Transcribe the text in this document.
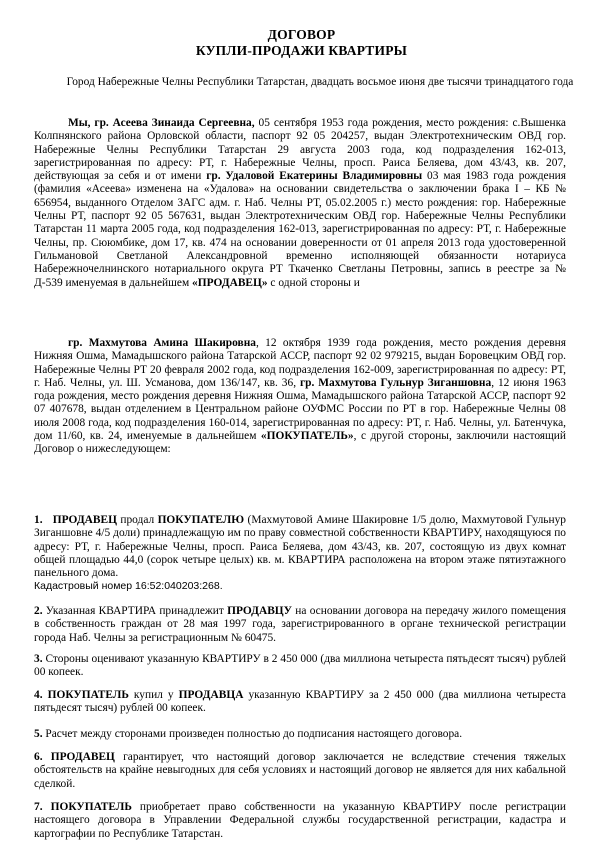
ДОГОВОР
КУПЛИ-ПРОДАЖИ КВАРТИРЫ
Город Набережные Челны Республики Татарстан, двадцать восьмое июня две тысячи тринадцатого года

Мы, гр. Асеева Зинаида Сергеевна, 05 сентября 1953 года рождения, место рождения: с.Вышенка Колпнянского района Орловской области, паспорт 92 05 204257, выдан Электротехническим ОВД гор. Набережные Челны Республики Татарстан 29 августа 2003 года, код подразделения 162-013, зарегистрированная по адресу: РТ, г. Набережные Челны, просп. Раиса Беляева, дом 43/43, кв. 207, действующая за себя и от имени гр. Удаловой Екатерины Владимировны 03 мая 1983 года рождения (фамилия «Асеева» изменена на «Удалова» на основании свидетельства о заключении брака I – КБ № 656954, выданного Отделом ЗАГС адм. г. Наб. Челны РТ, 05.02.2005 г.) место рождения: гор. Набережные Челны РТ, паспорт 92 05 567631, выдан Электротехническим ОВД гор. Набережные Челны Республики Татарстан 11 марта 2005 года, код подразделения 162-013, зарегистрированная по адресу: РТ, г. Набережные Челны, пр. Сююмбике, дом 17, кв. 474 на основании доверенности от 01 апреля 2013 года удостоверенной Гильмановой Светланой Александровной временно исполняющей обязанности нотариуса Набережночелнинского нотариального округа РТ Ткаченко Светланы Петровны, запись в реестре за № Д-539 именуемая в дальнейшем «ПРОДАВЕЦ» с одной стороны и

гр. Махмутова Амина Шакировна, 12 октября 1939 года рождения, место рождения деревня Нижняя Ошма, Мамадышского района Татарской АССР, паспорт 92 02 979215, выдан Боровецким ОВД гор. Набережные Челны РТ 20 февраля 2002 года, код подразделения 162-009, зарегистрированная по адресу: РТ, г. Наб. Челны, ул. Ш. Усманова, дом 136/147, кв. 36, гр. Махмутова Гульнур Зиганшовна, 12 июня 1963 года рождения, место рождения деревня Нижняя Ошма, Мамадышского района Татарской АССР, паспорт 92 07 407678, выдан отделением в Центральном районе ОУФМС России по РТ в гор. Набережные Челны 08 июля 2008 года, код подразделения 160-014, зарегистрированная по адресу: РТ, г. Наб. Челны, ул. Батенчука, дом 11/60, кв. 24, именуемые в дальнейшем «ПОКУПАТЕЛЬ», с другой стороны, заключили настоящий Договор о нижеследующем:

1. ПРОДАВЕЦ продал ПОКУПАТЕЛЮ (Махмутовой Амине Шакировне 1/5 долю, Махмутовой Гульнур Зиганшовне 4/5 доли) принадлежащую им по праву совместной собственности КВАРТИРУ, находящуюся по адресу: РТ, г. Набережные Челны, просп. Раиса Беляева, дом 43/43, кв. 207, состоящую из двух комнат общей площадью 44,0 (сорок четыре целых) кв. м. КВАРТИРА расположена на втором этаже пятиэтажного панельного дома.

Кадастровый номер 16:52:040203:268.

2. Указанная КВАРТИРА принадлежит ПРОДАВЦУ на основании договора на передачу жилого помещения в собственность граждан от 28 мая 1997 года, зарегистрированного в органе технической регистрации города Наб. Челны за регистрационным № 60475.

3. Стороны оценивают указанную КВАРТИРУ в 2 450 000 (два миллиона четыреста пятьдесят тысяч) рублей 00 копеек.

4. ПОКУПАТЕЛЬ купил у ПРОДАВЦА указанную КВАРТИРУ за 2 450 000 (два миллиона четыреста пятьдесят тысяч) рублей 00 копеек.

5. Расчет между сторонами произведен полностью до подписания настоящего договора.

6. ПРОДАВЕЦ гарантирует, что настоящий договор заключается не вследствие стечения тяжелых обстоятельств на крайне невыгодных для себя условиях и настоящий договор не является для них кабальной сделкой.

7. ПОКУПАТЕЛЬ приобретает право собственности на указанную КВАРТИРУ после регистрации настоящего договора в Управлении Федеральной службы государственной регистрации, кадастра и картографии по Республике Татарстан.
